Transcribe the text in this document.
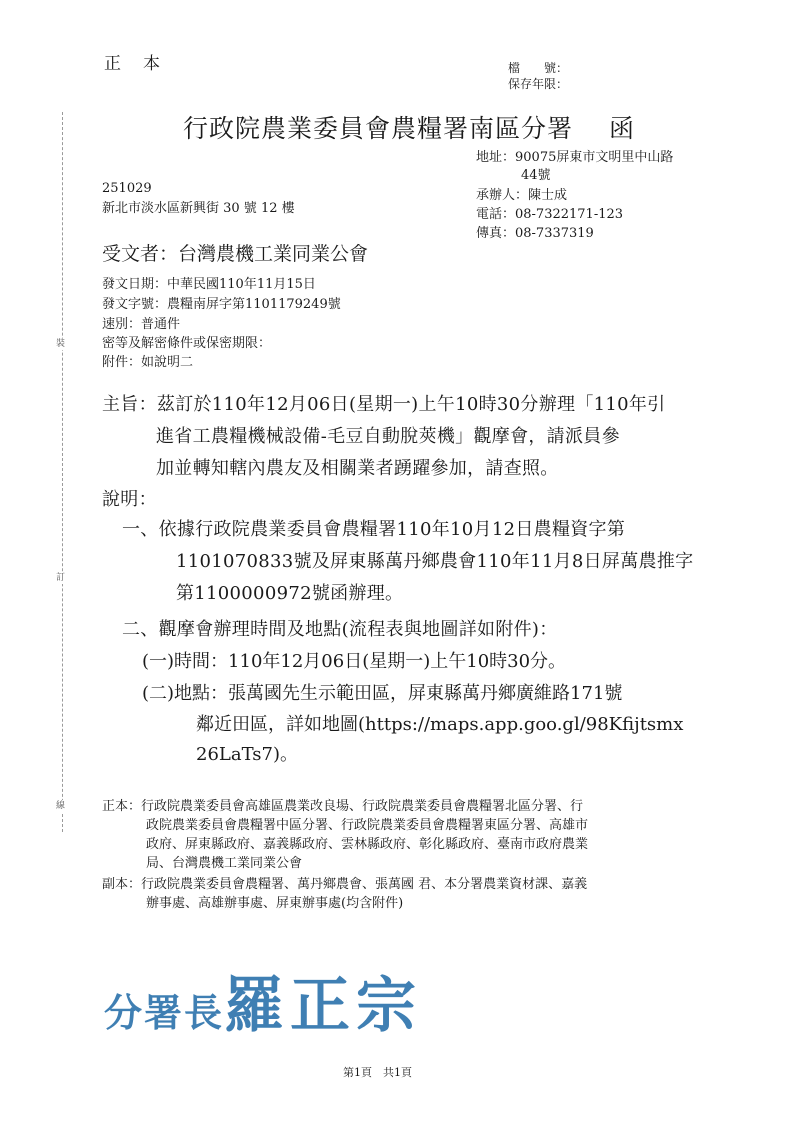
裝
訂
線
正本	檔　　號：
保存年限：
行政院農業委員會農糧署南區分署 函
地址：90075屏東市文明里中山路
44號
承辦人：陳士成
電話：08-7322171-123
傳真：08-7337319
251029
新北市淡水區新興街 30 號 12 樓
受文者：台灣農機工業同業公會
發文日期：中華民國110年11月15日
發文字號：農糧南屏字第1101179249號
速別：普通件
密等及解密條件或保密期限：
附件：如說明二
主旨：茲訂於110年12月06日(星期一)上午10時30分辦理「110年引
進省工農糧機械設備-毛豆自動脫莢機」觀摩會，請派員參
加並轉知轄內農友及相關業者踴躍參加，請查照。
說明：
一、依據行政院農業委員會農糧署110年10月12日農糧資字第
1101070833號及屏東縣萬丹鄉農會110年11月8日屏萬農推字
第1100000972號函辦理。
二、觀摩會辦理時間及地點(流程表與地圖詳如附件)：
(一)時間：110年12月06日(星期一)上午10時30分。
(二)地點：張萬國先生示範田區，屏東縣萬丹鄉廣維路171號
鄰近田區，詳如地圖(https://maps.app.goo.gl/98Kfijtsmx
26LaTs7)。
正本：行政院農業委員會高雄區農業改良場、行政院農業委員會農糧署北區分署、行
政院農業委員會農糧署中區分署、行政院農業委員會農糧署東區分署、高雄市
政府、屏東縣政府、嘉義縣政府、雲林縣政府、彰化縣政府、臺南市政府農業
局、台灣農機工業同業公會
副本：行政院農業委員會農糧署、萬丹鄉農會、張萬國 君、本分署農業資材課、嘉義
辦事處、高雄辦事處、屏東辦事處(均含附件)
分署長羅正宗
第1頁　共1頁
